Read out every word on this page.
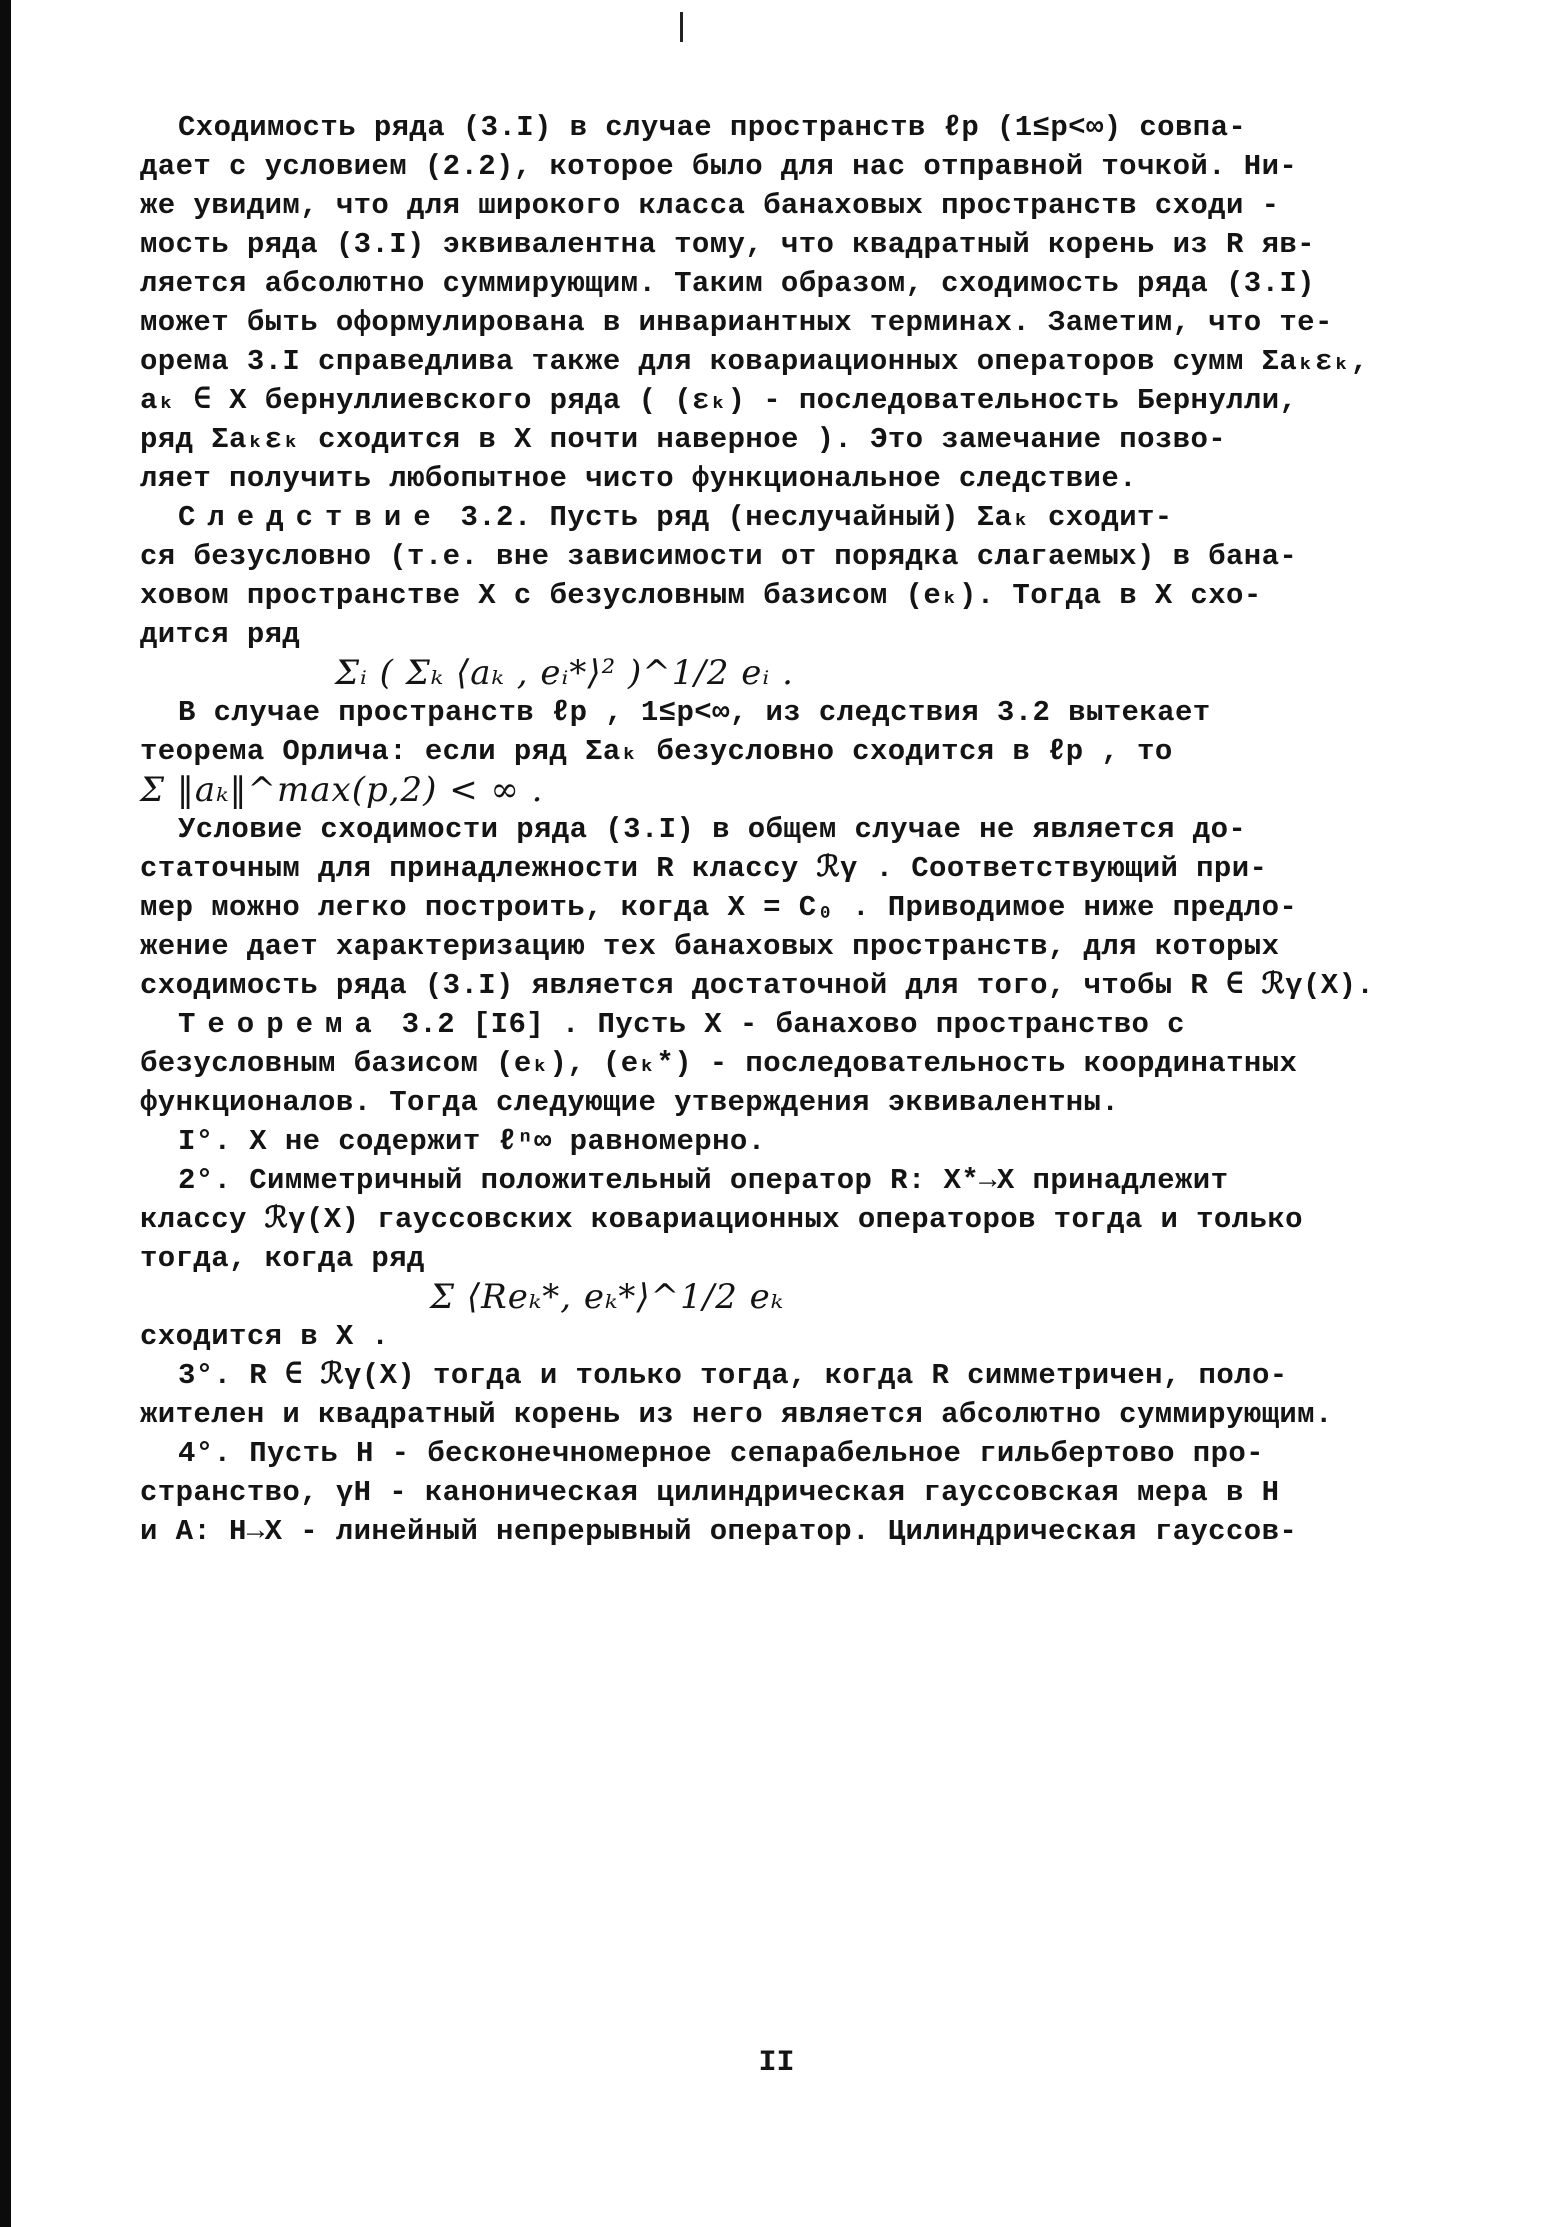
Сходимость ряда (3.I) в случае пространств ℓp (1≤p<∞) совпа-

дает с условием (2.2), которое было для нас отправной точкой. Ни-

же увидим, что для широкого класса банаховых пространств сходи -

мость ряда (3.I) эквивалентна тому, что квадратный корень из R яв-

ляется абсолютно суммирующим. Таким образом, сходимость ряда (3.I)

может быть оформулирована в инвариантных терминах. Заметим, что те-

орема 3.I справедлива также для ковариационных операторов сумм Σaₖεₖ,

aₖ ∈ X бернуллиевского ряда ( (εₖ) - последовательность Бернулли,

ряд Σaₖεₖ сходится в X почти наверное ). Это замечание позво-

ляет получить любопытное чисто функциональное следствие.

Следствие 3.2. Пусть ряд (неслучайный) Σaₖ сходит-

ся безусловно (т.е. вне зависимости от порядка слагаемых) в бана-

ховом пространстве X с безусловным базисом (eₖ). Тогда в X схо-

дится ряд

Σᵢ ( Σₖ ⟨aₖ , eᵢ*⟩² )^1/2 eᵢ .

В случае пространств ℓp , 1≤p<∞, из следствия 3.2 вытекает

теорема Орлича: если ряд Σaₖ безусловно сходится в ℓp , то

Σ ‖aₖ‖^max(p,2) < ∞ .

Условие сходимости ряда (3.I) в общем случае не является до-

статочным для принадлежности R классу ℛγ . Соответствующий при-

мер можно легко построить, когда X = C₀ . Приводимое ниже предло-

жение дает характеризацию тех банаховых пространств, для которых

сходимость ряда (3.I) является достаточной для того, чтобы R ∈ ℛγ(X).

Теорема 3.2 [I6] . Пусть X - банахово пространство с

безусловным базисом (eₖ), (eₖ*) - последовательность координатных

функционалов. Тогда следующие утверждения эквивалентны.

I°. X не содержит ℓⁿ∞ равномерно.

2°. Симметричный положительный оператор R: X*→X принадлежит

классу ℛγ(X) гауссовских ковариационных операторов тогда и только

тогда, когда ряд

Σ ⟨Reₖ*, eₖ*⟩^1/2 eₖ

сходится в X .

3°. R ∈ ℛγ(X) тогда и только тогда, когда R симметричен, поло-

жителен и квадратный корень из него является абсолютно суммирующим.

4°. Пусть H - бесконечномерное сепарабельное гильбертово про-

странство, γH - каноническая цилиндрическая гауссовская мера в H

и A: H→X - линейный непрерывный оператор. Цилиндрическая гауссов-

II
